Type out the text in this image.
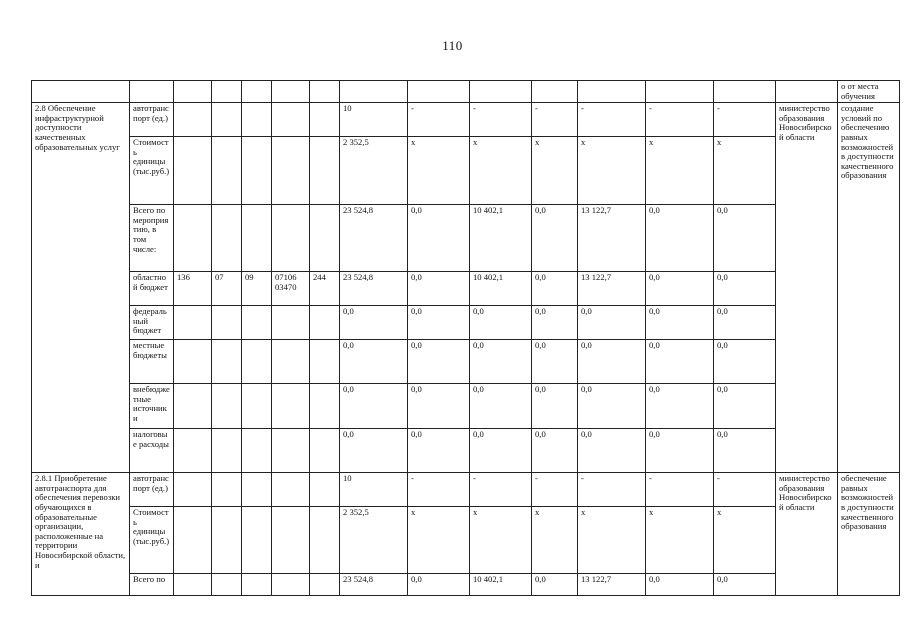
110
															о от места обучения
2.8 Обеспечение инфраструктурной доступности качественных образовательных услуг	автотранспорт (ед.)						10	-	-	-	-	-	-	министерство образования Новосибирской области	создание условий по обеспечению равных возможностей в доступности качественного образования
	Стоимость единицы (тыс.руб.)						2 352,5	х	х	х	х	х	х		
	Всего по мероприятию, в том числе:						23 524,8	0,0	10 402,1	0,0	13 122,7	0,0	0,0		
	областной бюджет	136	07	09	07106 03470	244	23 524,8	0,0	10 402,1	0,0	13 122,7	0,0	0,0		
	федеральный бюджет						0,0	0,0	0,0	0,0	0,0	0,0	0,0		
	местные бюджеты						0,0	0,0	0,0	0,0	0,0	0,0	0,0		
	внебюджетные источники						0,0	0,0	0,0	0,0	0,0	0,0	0,0		
	налоговые расходы						0,0	0,0	0,0	0,0	0,0	0,0	0,0		
2.8.1 Приобретение автотранспорта для обеспечения перевозки обучающихся в образовательные организации, расположенные на территории Новосибирской области, и	автотранспорт (ед.)						10	-	-	-	-	-	-	министерство образования Новосибирской области	обеспечение равных возможностей в доступности качественного образования
	Стоимость единицы (тыс.руб.)						2 352,5	х	х	х	х	х	х		
	Всего по						23 524,8	0,0	10 402,1	0,0	13 122,7	0,0	0,0		
